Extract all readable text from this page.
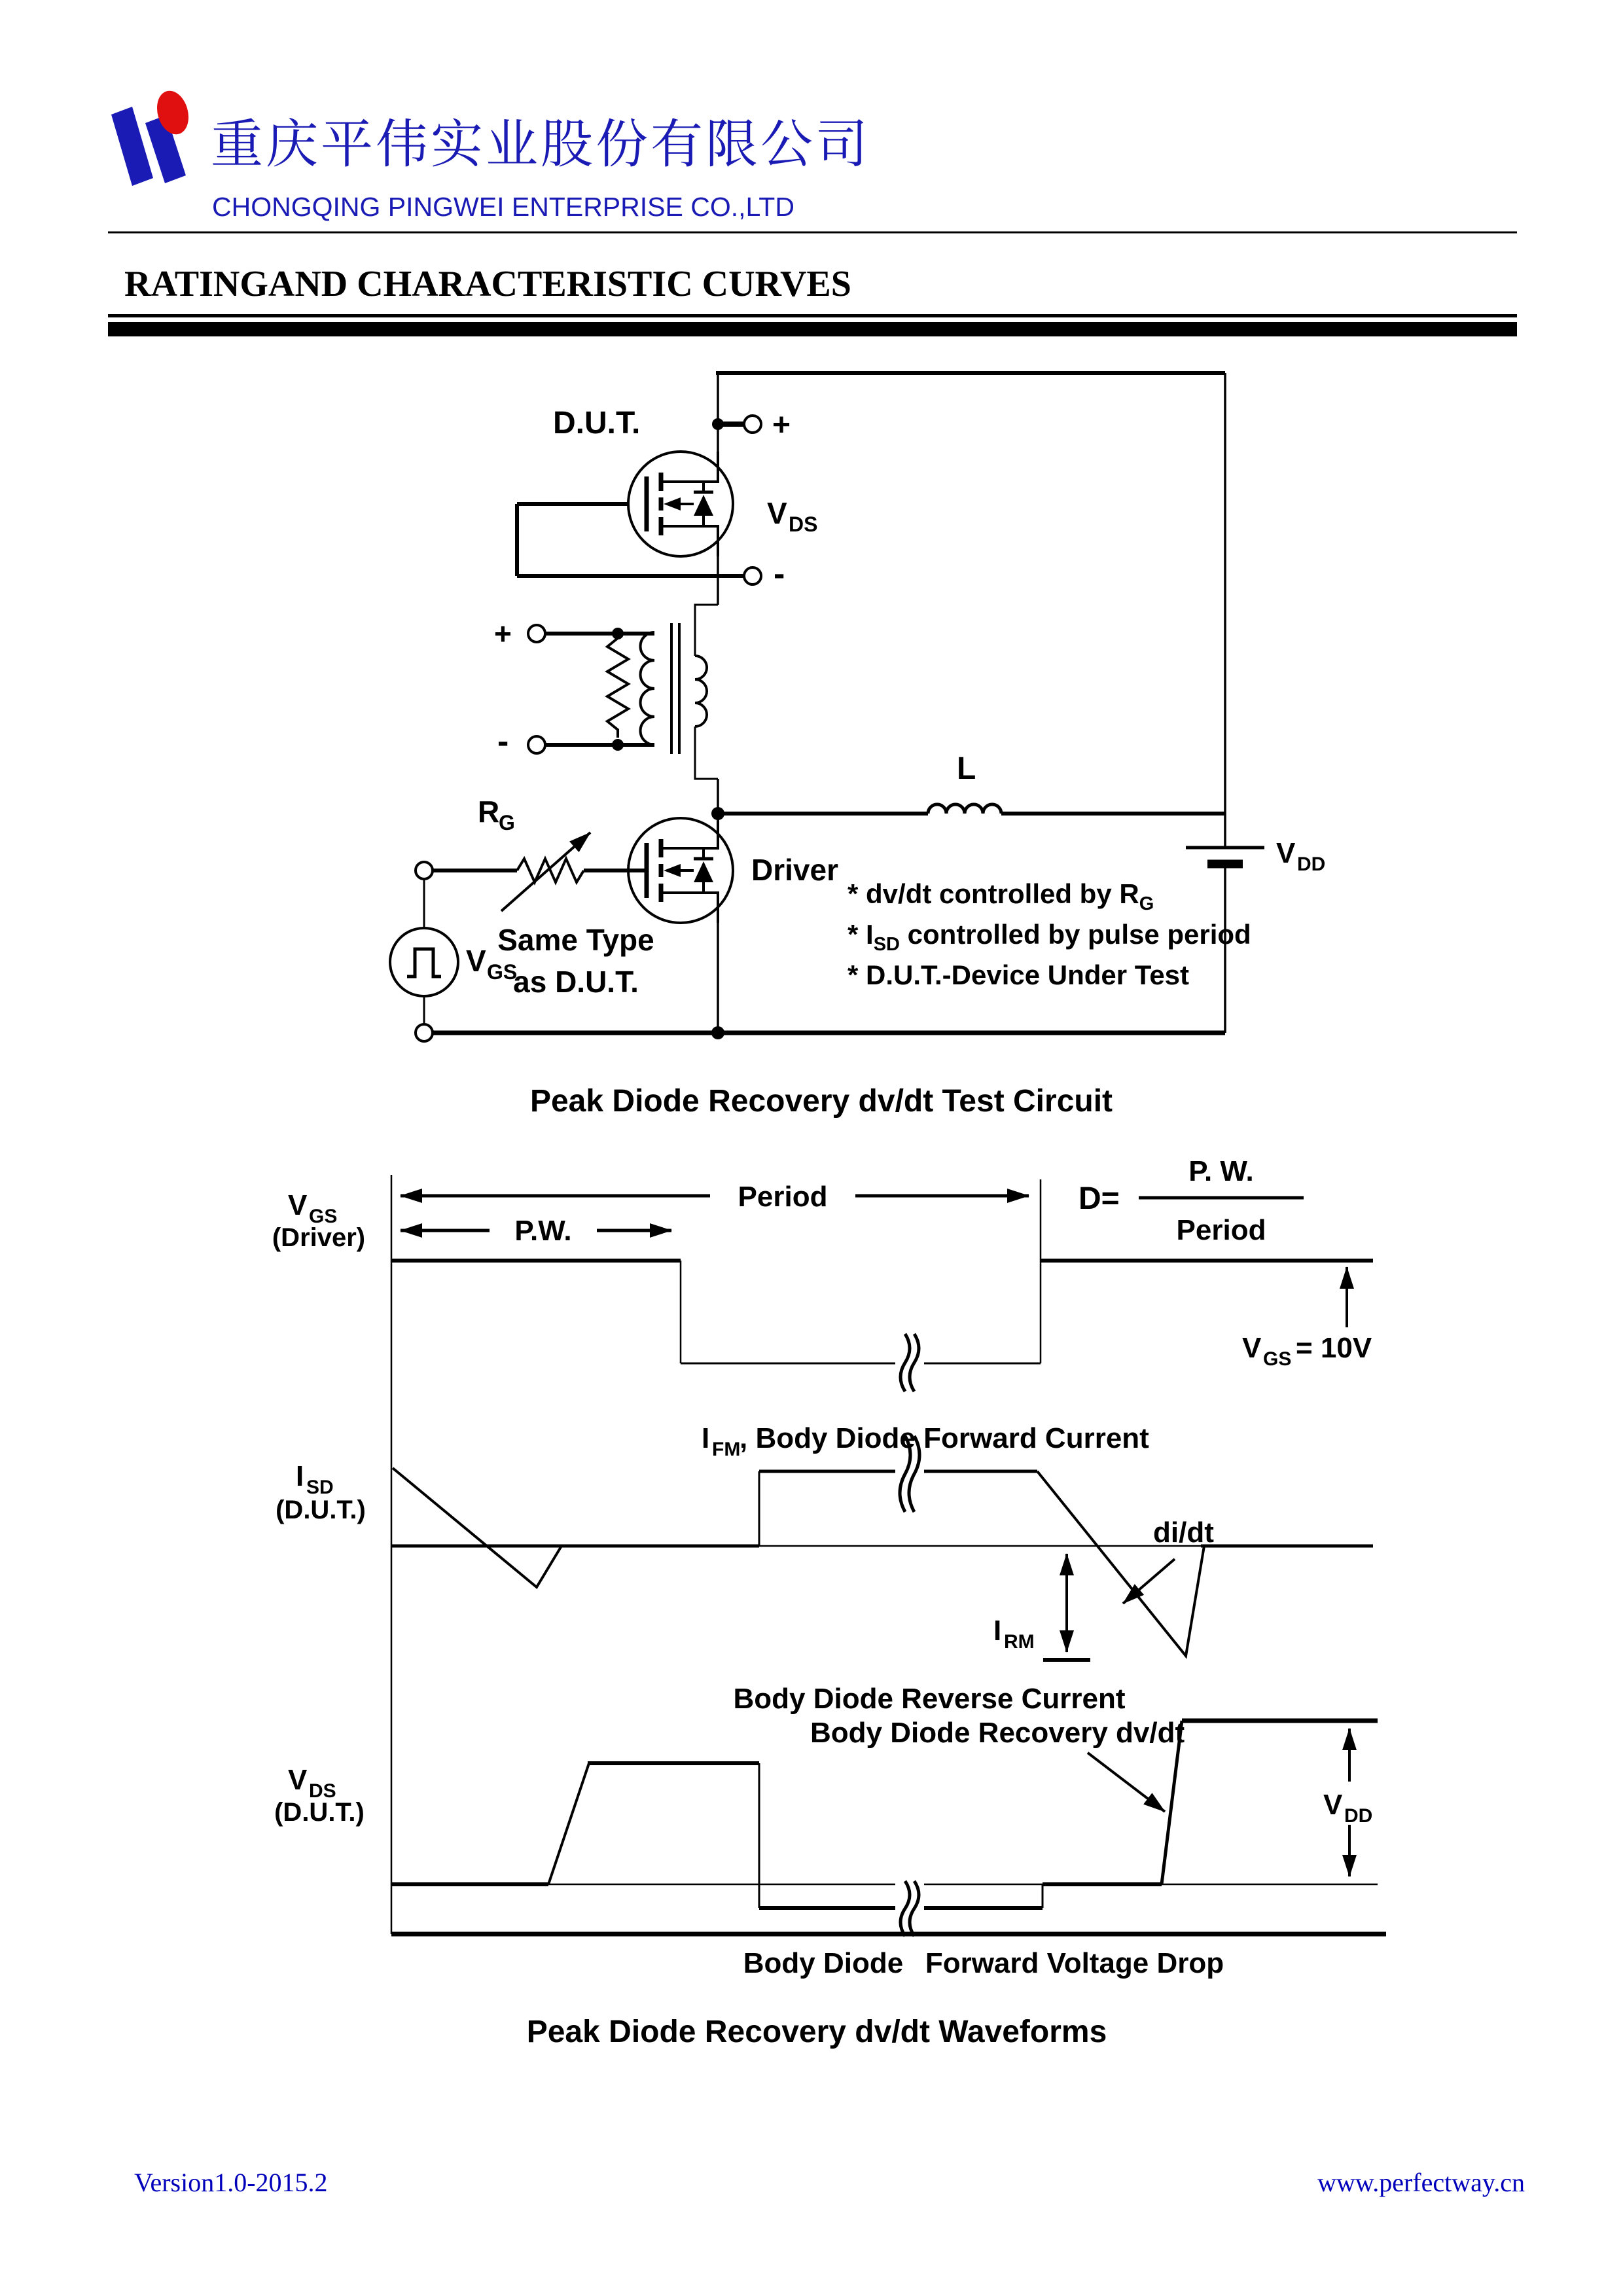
重庆平伟实业股份有限公司
CHONGQING PINGWEI ENTERPRISE CO.,LTD
RATINGAND CHARACTERISTIC CURVES
L
V DD
+
-
D.U.T.
V DS
+
-
Driver
Same Type
as D.U.T.
R
G
V GS
* dv/dt controlled by $R_G$
* $I_{SD}$ controlled by pulse period
* D.U.T.-Device Under Test
Peak Diode Recovery dv/dt Test Circuit
V GS
(Driver)
Period
P.W.
D=
P. W.
Period
V GS = 10V
I SD
(D.U.T.)
I FM
, Body Diode Forward Current
di/dt
I RM
Body Diode Reverse Current
V DS
(D.U.T.)
Body Diode Recovery dv/dt
V DD
Body Diode Forward Voltage Drop
Peak Diode Recovery dv/dt Waveforms
Version1.0-2015.2	www.perfectway.cn
